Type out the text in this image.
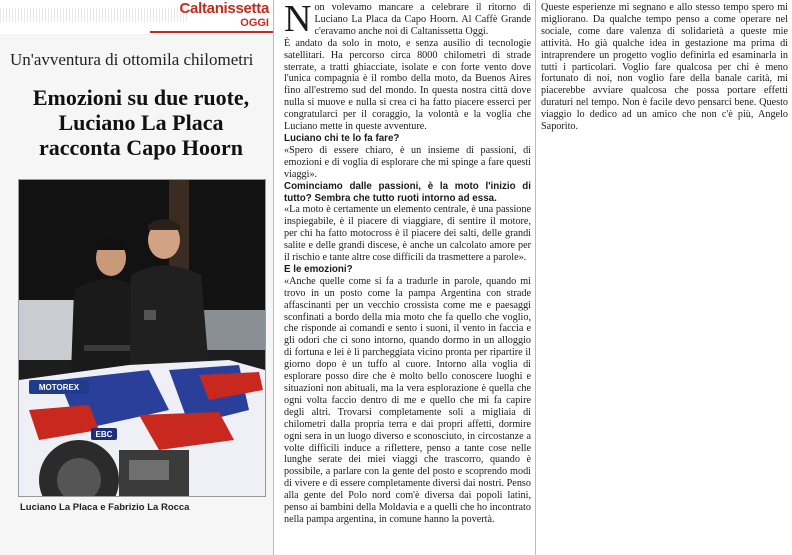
Caltanissetta
OGGI
Un'avventura di ottomila chilometri
Emozioni su due ruote,
Luciano La Placa
racconta Capo Hoorn
MOTOREX
EBC
Luciano La Placa e Fabrizio La Rocca

Non volevamo mancare a celebrare il ritorno di Luciano La Placa da Capo Hoorn. Al Caffè Grande c'eravamo anche noi di Caltanissetta Oggi.

È andato da solo in moto, e senza ausilio di tecnologie satellitari. Ha percorso circa 8000 chilometri di strade sterrate, a tratti ghiacciate, isolate e con forte vento dove l'unica compagnia è il rombo della moto, da Buenos Aires fino all'estremo sud del mondo. In questa nostra città dove nulla si muove e nulla si crea ci ha fatto piacere esserci per congratularci per il coraggio, la volontà e la voglia che Luciano mette in queste avventure.

Luciano chi te lo fa fare?

«Spero di essere chiaro, è un insieme di passioni, di emozioni e di voglia di esplorare che mi spinge a fare questi viaggi».

Cominciamo dalle passioni, è la moto l'inizio di tutto? Sembra che tutto ruoti intorno ad essa.

«La moto è certamente un elemento centrale, è una passione inspiegabile, è il piacere di viaggiare, di sentire il motore, per chi ha fatto motocross è il piacere dei salti, delle grandi salite e delle grandi discese, è anche un calcolato amore per il rischio e tante altre cose difficili da trasmettere a parole».

E le emozioni?

«Anche quelle come si fa a tradurle in parole, quando mi trovo in un posto come la pampa Argentina con strade affascinanti per un vecchio crossista come me e paesaggi sconfinati a bordo della mia moto che fa quello che voglio, che risponde ai comandi e sento i suoni, il vento in faccia e gli odori che ci sono intorno, quando dormo in un alloggio di fortuna e lei è lì parcheggiata vicino pronta per ripartire il giorno dopo è un tuffo al cuore. Intorno alla voglia di esplorare posso dire che è molto bello conoscere luoghi e situazioni non abituali, ma la vera esplorazione è quella che ogni volta faccio dentro di me e quello che mi fa capire degli altri. Trovarsi completamente soli a migliaia di chilometri dalla propria terra e dai propri affetti, dormire ogni sera in un luogo diverso e sconosciuto, in circostanze a volte difficili induce a riflettere, penso a tante cose nelle lunghe serate dei miei viaggi che trascorro, quando è possibile, a parlare con la gente del posto e scoprendo modi di vivere e di essere completamente diversi dai nostri. Penso alla gente del Polo nord com'è diversa dai popoli latini, penso ai bambini della Moldavia e a quelli che ho incontrato nella pampa argentina, in comune hanno la povertà.

Queste esperienze mi segnano e allo stesso tempo spero mi migliorano. Da qualche tempo penso a come operare nel sociale, come dare valenza di solidarietà a queste mie attività. Ho già qualche idea in gestazione ma prima di intraprendere un progetto voglio definirla ed esaminarla in tutti i particolari. Voglio fare qualcosa per chi è meno fortunato di noi, non voglio fare della banale carità, mi piacerebbe avviare qualcosa che possa portare effetti duraturi nel tempo. Non è facile devo pensarci bene. Questo viaggio lo dedico ad un amico che non c'è più, Angelo Saporito.
